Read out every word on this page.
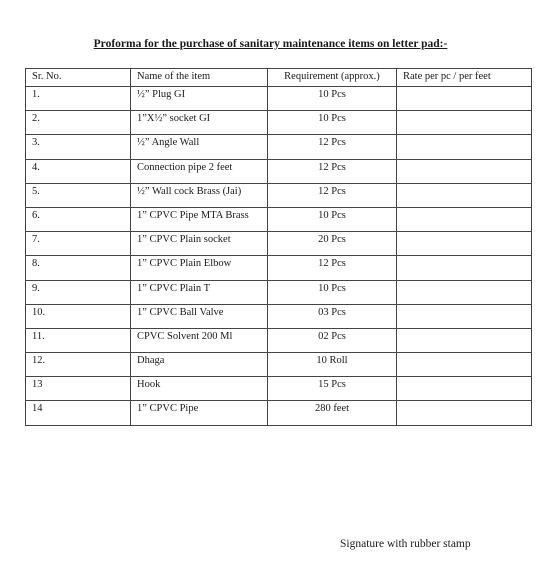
Proforma for the purchase of sanitary maintenance items on letter pad:-
Sr. No.	Name of the item	Requirement (approx.)	Rate per pc / per feet
1.	½” Plug GI	10 Pcs	
2.	1”X½” socket GI	10 Pcs	
3.	½” Angle Wall	12 Pcs	
4.	Connection pipe 2 feet	12 Pcs	
5.	½” Wall cock Brass (Jai)	12 Pcs	
6.	1” CPVC Pipe MTA Brass	10 Pcs	
7.	1” CPVC Plain socket	20 Pcs	
8.	1” CPVC Plain Elbow	12 Pcs	
9.	1” CPVC Plain T	10 Pcs	
10.	1” CPVC Ball Valve	03 Pcs	
11.	CPVC Solvent 200 Ml	02 Pcs	
12.	Dhaga	10 Roll	
13	Hook	15 Pcs	
14	1” CPVC Pipe	280 feet	
Signature with rubber stamp
